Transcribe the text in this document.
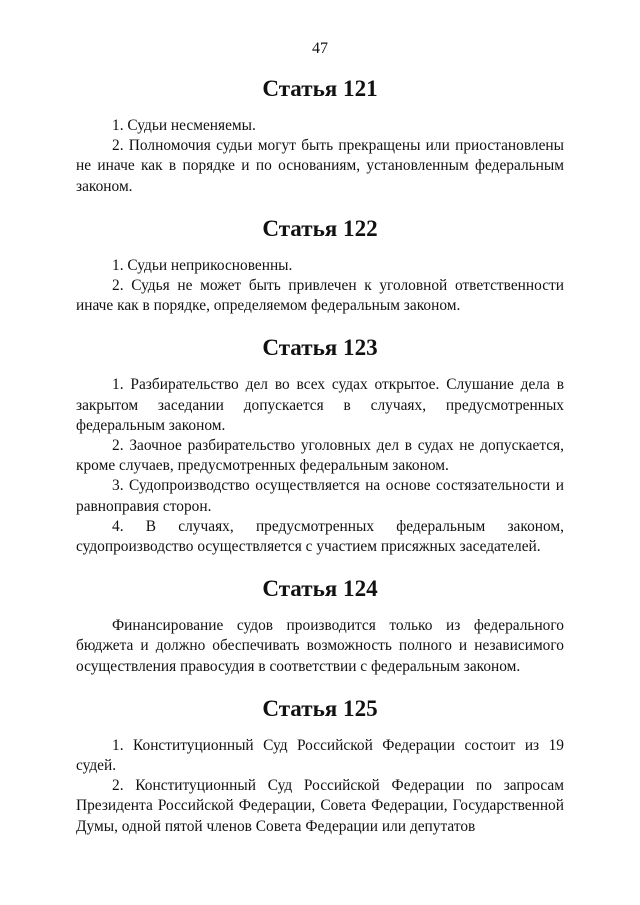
47
Статья 121

1. Судьи несменяемы.

2. Полномочия судьи могут быть прекращены или приостановлены не иначе как в порядке и по основаниям, установленным федеральным законом.

Статья 122

1. Судьи неприкосновенны.

2. Судья не может быть привлечен к уголовной ответственности иначе как в порядке, определяемом федеральным законом.

Статья 123

1. Разбирательство дел во всех судах открытое. Слушание дела в закрытом заседании допускается в случаях, предусмотренных федеральным законом.

2. Заочное разбирательство уголовных дел в судах не допускается, кроме случаев, предусмотренных федеральным законом.

3. Судопроизводство осуществляется на основе состязательности и равноправия сторон.

4. В случаях, предусмотренных федеральным законом, судопроизводство осуществляется с участием присяжных заседателей.

Статья 124

Финансирование судов производится только из федерального бюджета и должно обеспечивать возможность полного и независимого осуществления правосудия в соответствии с федеральным законом.

Статья 125

1. Конституционный Суд Российской Федерации состоит из 19 судей.

2. Конституционный Суд Российской Федерации по запросам Президента Российской Федерации, Совета Федерации, Государственной Думы, одной пятой членов Совета Федерации или депутатов
